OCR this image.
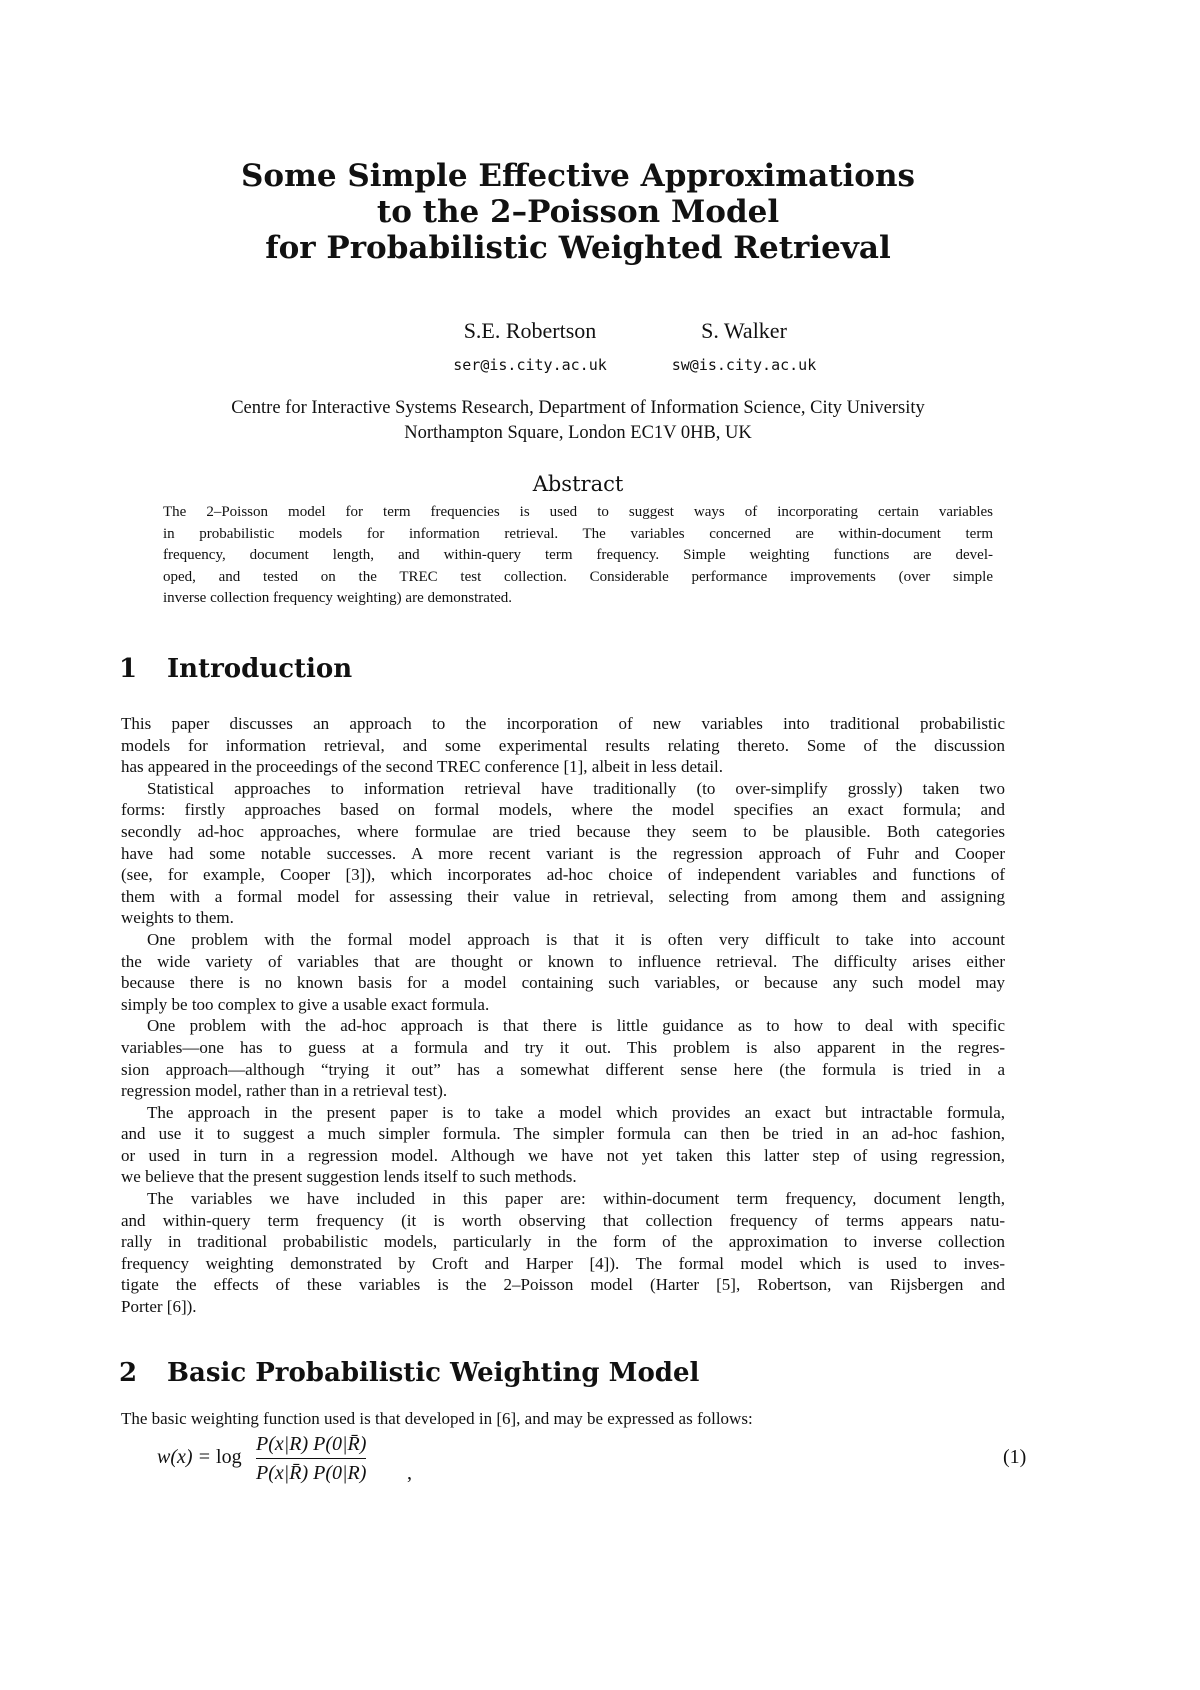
Some Simple Effective Approximations
to the 2–Poisson Model
for Probabilistic Weighted Retrieval
S.E. Robertson
ser@is.city.ac.uk
S. Walker
sw@is.city.ac.uk
Centre for Interactive Systems Research, Department of Information Science, City University
Northampton Square, London EC1V 0HB, UK
Abstract
The 2–Poisson model for term frequencies is used to suggest ways of incorporating certain variables
in probabilistic models for information retrieval. The variables concerned are within-document term
frequency, document length, and within-query term frequency. Simple weighting functions are devel-
oped, and tested on the TREC test collection. Considerable performance improvements (over simple
inverse collection frequency weighting) are demonstrated.
1 Introduction
This paper discusses an approach to the incorporation of new variables into traditional probabilistic
models for information retrieval, and some experimental results relating thereto. Some of the discussion
has appeared in the proceedings of the second TREC conference [1], albeit in less detail.
Statistical approaches to information retrieval have traditionally (to over-simplify grossly) taken two
forms: firstly approaches based on formal models, where the model specifies an exact formula; and
secondly ad-hoc approaches, where formulae are tried because they seem to be plausible. Both categories
have had some notable successes. A more recent variant is the regression approach of Fuhr and Cooper
(see, for example, Cooper [3]), which incorporates ad-hoc choice of independent variables and functions of
them with a formal model for assessing their value in retrieval, selecting from among them and assigning
weights to them.
One problem with the formal model approach is that it is often very difficult to take into account
the wide variety of variables that are thought or known to influence retrieval. The difficulty arises either
because there is no known basis for a model containing such variables, or because any such model may
simply be too complex to give a usable exact formula.
One problem with the ad-hoc approach is that there is little guidance as to how to deal with specific
variables—one has to guess at a formula and try it out. This problem is also apparent in the regres-
sion approach—although “trying it out” has a somewhat different sense here (the formula is tried in a
regression model, rather than in a retrieval test).
The approach in the present paper is to take a model which provides an exact but intractable formula,
and use it to suggest a much simpler formula. The simpler formula can then be tried in an ad-hoc fashion,
or used in turn in a regression model. Although we have not yet taken this latter step of using regression,
we believe that the present suggestion lends itself to such methods.
The variables we have included in this paper are: within-document term frequency, document length,
and within-query term frequency (it is worth observing that collection frequency of terms appears natu-
rally in traditional probabilistic models, particularly in the form of the approximation to inverse collection
frequency weighting demonstrated by Croft and Harper [4]). The formal model which is used to inves-
tigate the effects of these variables is the 2–Poisson model (Harter [5], Robertson, van Rijsbergen and
Porter [6]).
2 Basic Probabilistic Weighting Model
The basic weighting function used is that developed in [6], and may be expressed as follows:
w(x) = log
P(x|R) P(0|R̄)
P(x|R̄) P(0|R) ,
(1)
